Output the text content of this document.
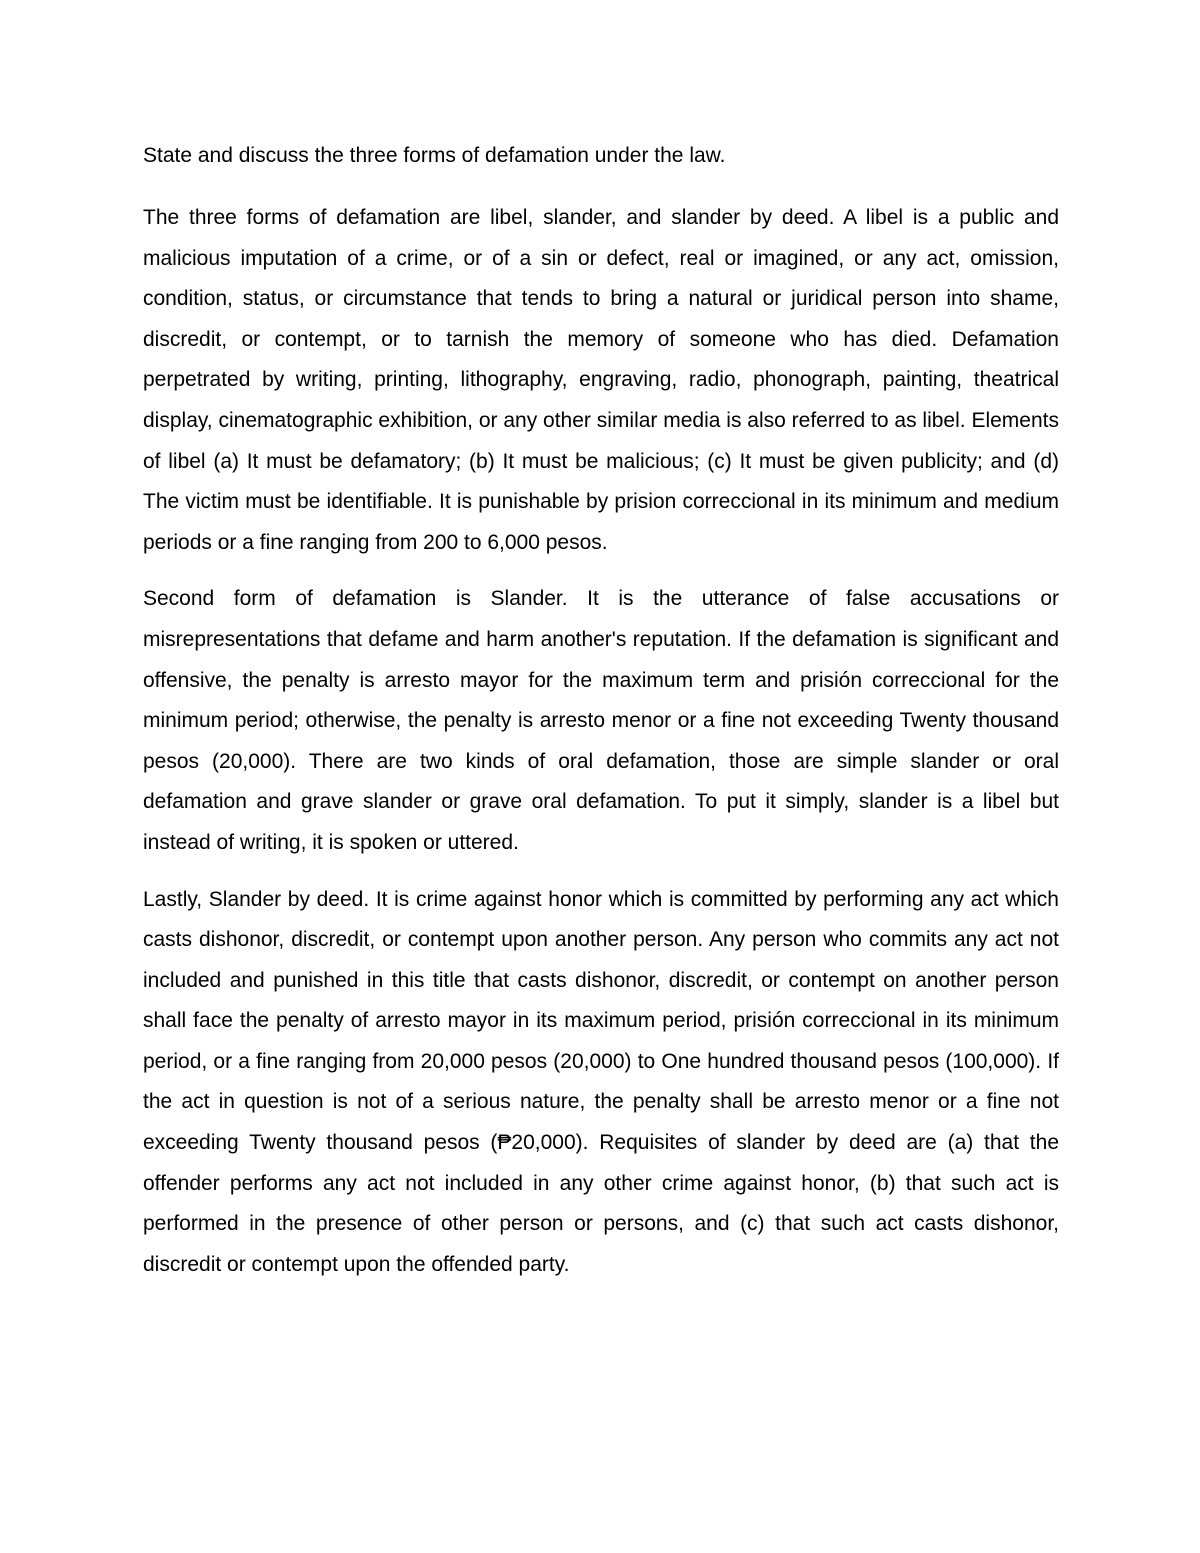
State and discuss the three forms of defamation under the law.

The three forms of defamation are libel, slander, and slander by deed. A libel is a public and malicious imputation of a crime, or of a sin or defect, real or imagined, or any act, omission, condition, status, or circumstance that tends to bring a natural or juridical person into shame, discredit, or contempt, or to tarnish the memory of someone who has died. Defamation perpetrated by writing, printing, lithography, engraving, radio, phonograph, painting, theatrical display, cinematographic exhibition, or any other similar media is also referred to as libel. Elements of libel (a) It must be defamatory; (b) It must be malicious; (c) It must be given publicity; and (d) The victim must be identifiable. It is punishable by prision correccional in its minimum and medium periods or a fine ranging from 200 to 6,000 pesos.

Second form of defamation is Slander. It is the utterance of false accusations or misrepresentations that defame and harm another's reputation. If the defamation is significant and offensive, the penalty is arresto mayor for the maximum term and prisión correccional for the minimum period; otherwise, the penalty is arresto menor or a fine not exceeding Twenty thousand pesos (20,000). There are two kinds of oral defamation, those are simple slander or oral defamation and grave slander or grave oral defamation. To put it simply, slander is a libel but instead of writing, it is spoken or uttered.

Lastly, Slander by deed. It is crime against honor which is committed by performing any act which casts dishonor, discredit, or contempt upon another person. Any person who commits any act not included and punished in this title that casts dishonor, discredit, or contempt on another person shall face the penalty of arresto mayor in its maximum period, prisión correccional in its minimum period, or a fine ranging from 20,000 pesos (20,000) to One hundred thousand pesos (100,000). If the act in question is not of a serious nature, the penalty shall be arresto menor or a fine not exceeding Twenty thousand pesos (₱20,000). Requisites of slander by deed are (a) that the offender performs any act not included in any other crime against honor, (b) that such act is performed in the presence of other person or persons, and (c) that such act casts dishonor, discredit or contempt upon the offended party.
